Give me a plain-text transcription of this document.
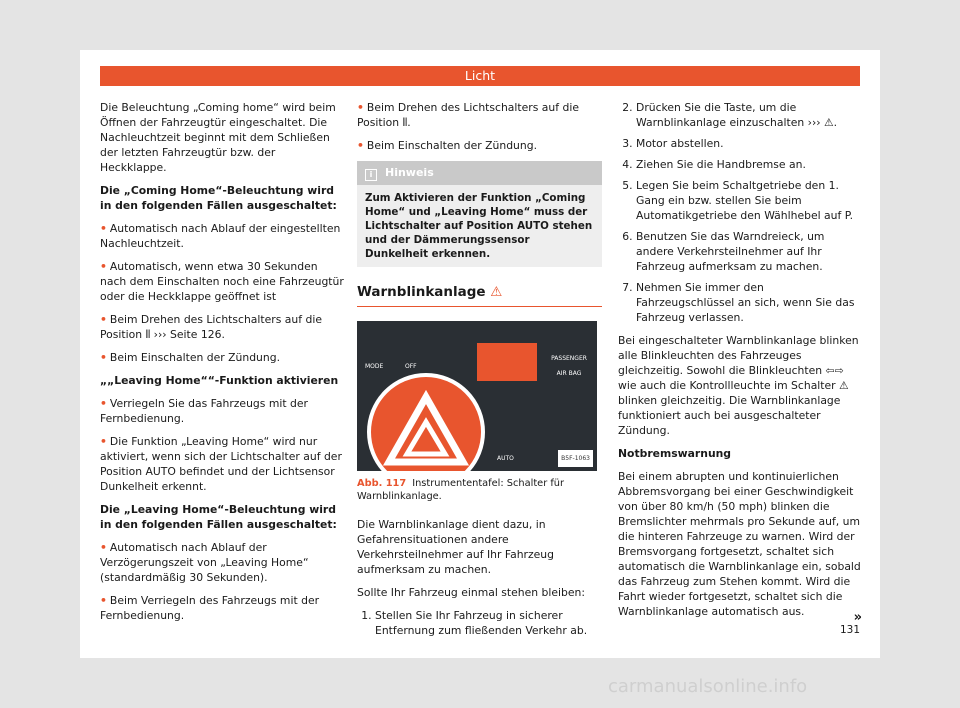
Licht

Die Beleuchtung „Coming home“ wird beim Öffnen der Fahrzeugtür eingeschaltet. Die Nachleuchtzeit beginnt mit dem Schließen der letzten Fahrzeugtür bzw. der Heckklappe.

Die „Coming Home“-Beleuchtung wird in den folgenden Fällen ausgeschaltet:

• Automatisch nach Ablauf der eingestellten Nachleuchtzeit.

• Automatisch, wenn etwa 30 Sekunden nach dem Einschalten noch eine Fahrzeugtür oder die Heckklappe geöffnet ist

• Beim Drehen des Lichtschalters auf die Position ⦀ ››› Seite 126.

• Beim Einschalten der Zündung.

„„Leaving Home““-Funktion aktivieren

• Verriegeln Sie das Fahrzeugs mit der Fernbedienung.

• Die Funktion „Leaving Home“ wird nur aktiviert, wenn sich der Lichtschalter auf der Position AUTO befindet und der Lichtsensor Dunkelheit erkennt.

Die „Leaving Home“-Beleuchtung wird in den folgenden Fällen ausgeschaltet:

• Automatisch nach Ablauf der Verzögerungszeit von „Leaving Home“ (standardmäßig 30 Sekunden).

• Beim Verriegeln des Fahrzeugs mit der Fernbedienung.

• Beim Drehen des Lichtschalters auf die Position ⦀.

• Beim Einschalten der Zündung.

i Hinweis
Zum Aktivieren der Funktion „Coming Home“ und „Leaving Home“ muss der Lichtschalter auf Position AUTO stehen und der Dämmerungssensor Dunkelheit erkennen.
Warnblinkanlage ⚠
MODE	OFF
PASSENGER AIR BAG
AUTO	B5F-1063
Abb. 117 Instrumententafel: Schalter für Warnblinkanlage.

Die Warnblinkanlage dient dazu, in Gefahrensituationen andere Verkehrsteilnehmer auf Ihr Fahrzeug aufmerksam zu machen.

Sollte Ihr Fahrzeug einmal stehen bleiben:

1. Stellen Sie Ihr Fahrzeug in sicherer Entfernung zum fließenden Verkehr ab.
2. Drücken Sie die Taste, um die Warnblinkanlage einzuschalten ››› ⚠.
3. Motor abstellen.
4. Ziehen Sie die Handbremse an.
5. Legen Sie beim Schaltgetriebe den 1. Gang ein bzw. stellen Sie beim Automatikgetriebe den Wählhebel auf P.
6. Benutzen Sie das Warndreieck, um andere Verkehrsteilnehmer auf Ihr Fahrzeug aufmerksam zu machen.
7. Nehmen Sie immer den Fahrzeugschlüssel an sich, wenn Sie das Fahrzeug verlassen.

Bei eingeschalteter Warnblinkanlage blinken alle Blinkleuchten des Fahrzeuges gleichzeitig. Sowohl die Blinkleuchten ⇦⇨ wie auch die Kontrollleuchte im Schalter ⚠ blinken gleichzeitig. Die Warnblinkanlage funktioniert auch bei ausgeschalteter Zündung.

Notbremswarnung

Bei einem abrupten und kontinuierlichen Abbremsvorgang bei einer Geschwindigkeit von über 80 km/h (50 mph) blinken die Bremslichter mehrmals pro Sekunde auf, um die hinteren Fahrzeuge zu warnen. Wird der Bremsvorgang fortgesetzt, schaltet sich automatisch die Warnblinkanlage ein, sobald das Fahrzeug zum Stehen kommt. Wird die Fahrt wieder fortgesetzt, schaltet sich die Warnblinkanlage automatisch aus.	»
131
carmanualsonline.info
